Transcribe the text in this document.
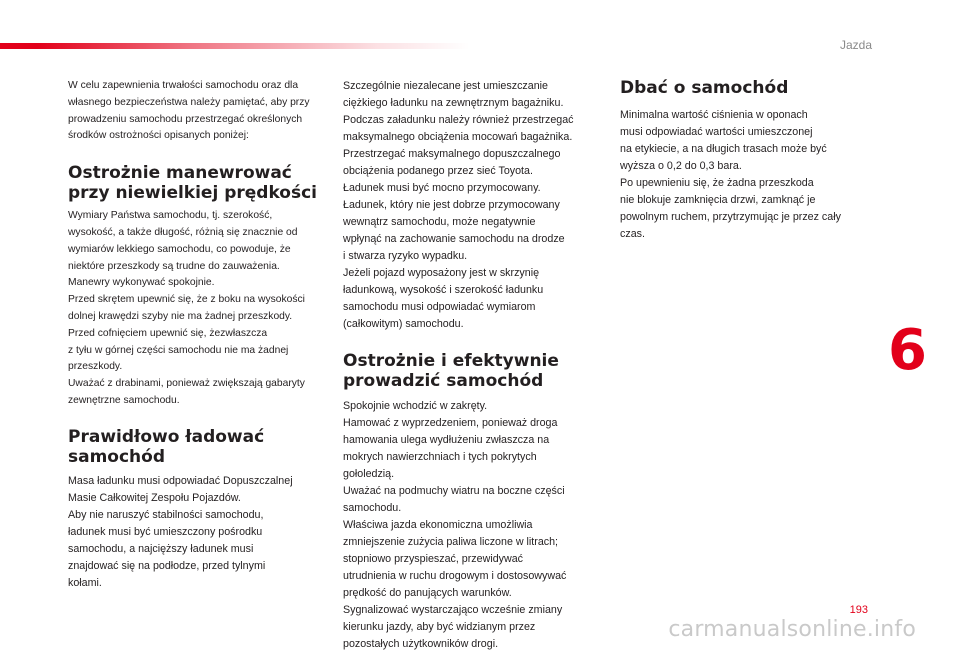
Jazda

W celu zapewnienia trwałości samochodu oraz dla
własnego bezpieczeństwa należy pamiętać, aby przy
prowadzeniu samochodu przestrzegać określonych
środków ostrożności opisanych poniżej:

Ostrożnie manewrować
przy niewielkiej prędkości

Wymiary Państwa samochodu, tj. szerokość,
wysokość, a także długość, różnią się znacznie od
wymiarów lekkiego samochodu, co powoduje, że
niektóre przeszkody są trudne do zauważenia.
Manewry wykonywać spokojnie.
Przed skrętem upewnić się, że z boku na wysokości
dolnej krawędzi szyby nie ma żadnej przeszkody.
Przed cofnięciem upewnić się, żezwłaszcza
z tyłu w górnej części samochodu nie ma żadnej
przeszkody.
Uważać z drabinami, ponieważ zwiększają gabaryty
zewnętrzne samochodu.

Prawidłowo ładować
samochód

Masa ładunku musi odpowiadać Dopuszczalnej
Masie Całkowitej Zespołu Pojazdów.
Aby nie naruszyć stabilności samochodu,
ładunek musi być umieszczony pośrodku
samochodu, a najcięższy ładunek musi
znajdować się na podłodze, przed tylnymi
kołami.

Szczególnie niezalecane jest umieszczanie
ciężkiego ładunku na zewnętrznym bagażniku.
Podczas załadunku należy również przestrzegać
maksymalnego obciążenia mocowań bagażnika.
Przestrzegać maksymalnego dopuszczalnego
obciążenia podanego przez sieć Toyota.
Ładunek musi być mocno przymocowany.
Ładunek, który nie jest dobrze przymocowany
wewnątrz samochodu, może negatywnie
wpłynąć na zachowanie samochodu na drodze
i stwarza ryzyko wypadku.
Jeżeli pojazd wyposażony jest w skrzynię
ładunkową, wysokość i szerokość ładunku
samochodu musi odpowiadać wymiarom
(całkowitym) samochodu.

Ostrożnie i efektywnie
prowadzić samochód

Spokojnie wchodzić w zakręty.
Hamować z wyprzedzeniem, ponieważ droga
hamowania ulega wydłużeniu zwłaszcza na
mokrych nawierzchniach i tych pokrytych
gołoledzią.
Uważać na podmuchy wiatru na boczne części
samochodu.
Właściwa jazda ekonomiczna umożliwia
zmniejszenie zużycia paliwa liczone w litrach;
stopniowo przyspieszać, przewidywać
utrudnienia w ruchu drogowym i dostosowywać
prędkość do panujących warunków.
Sygnalizować wystarczająco wcześnie zmiany
kierunku jazdy, aby być widzianym przez
pozostałych użytkowników drogi.

Dbać o samochód

Minimalna wartość ciśnienia w oponach
musi odpowiadać wartości umieszczonej
na etykiecie, a na długich trasach może być
wyższa o 0,2 do 0,3 bara.
Po upewnieniu się, że żadna przeszkoda
nie blokuje zamknięcia drzwi, zamknąć je
powolnym ruchem, przytrzymując je przez cały
czas.

6
193
carmanualsonline.info
